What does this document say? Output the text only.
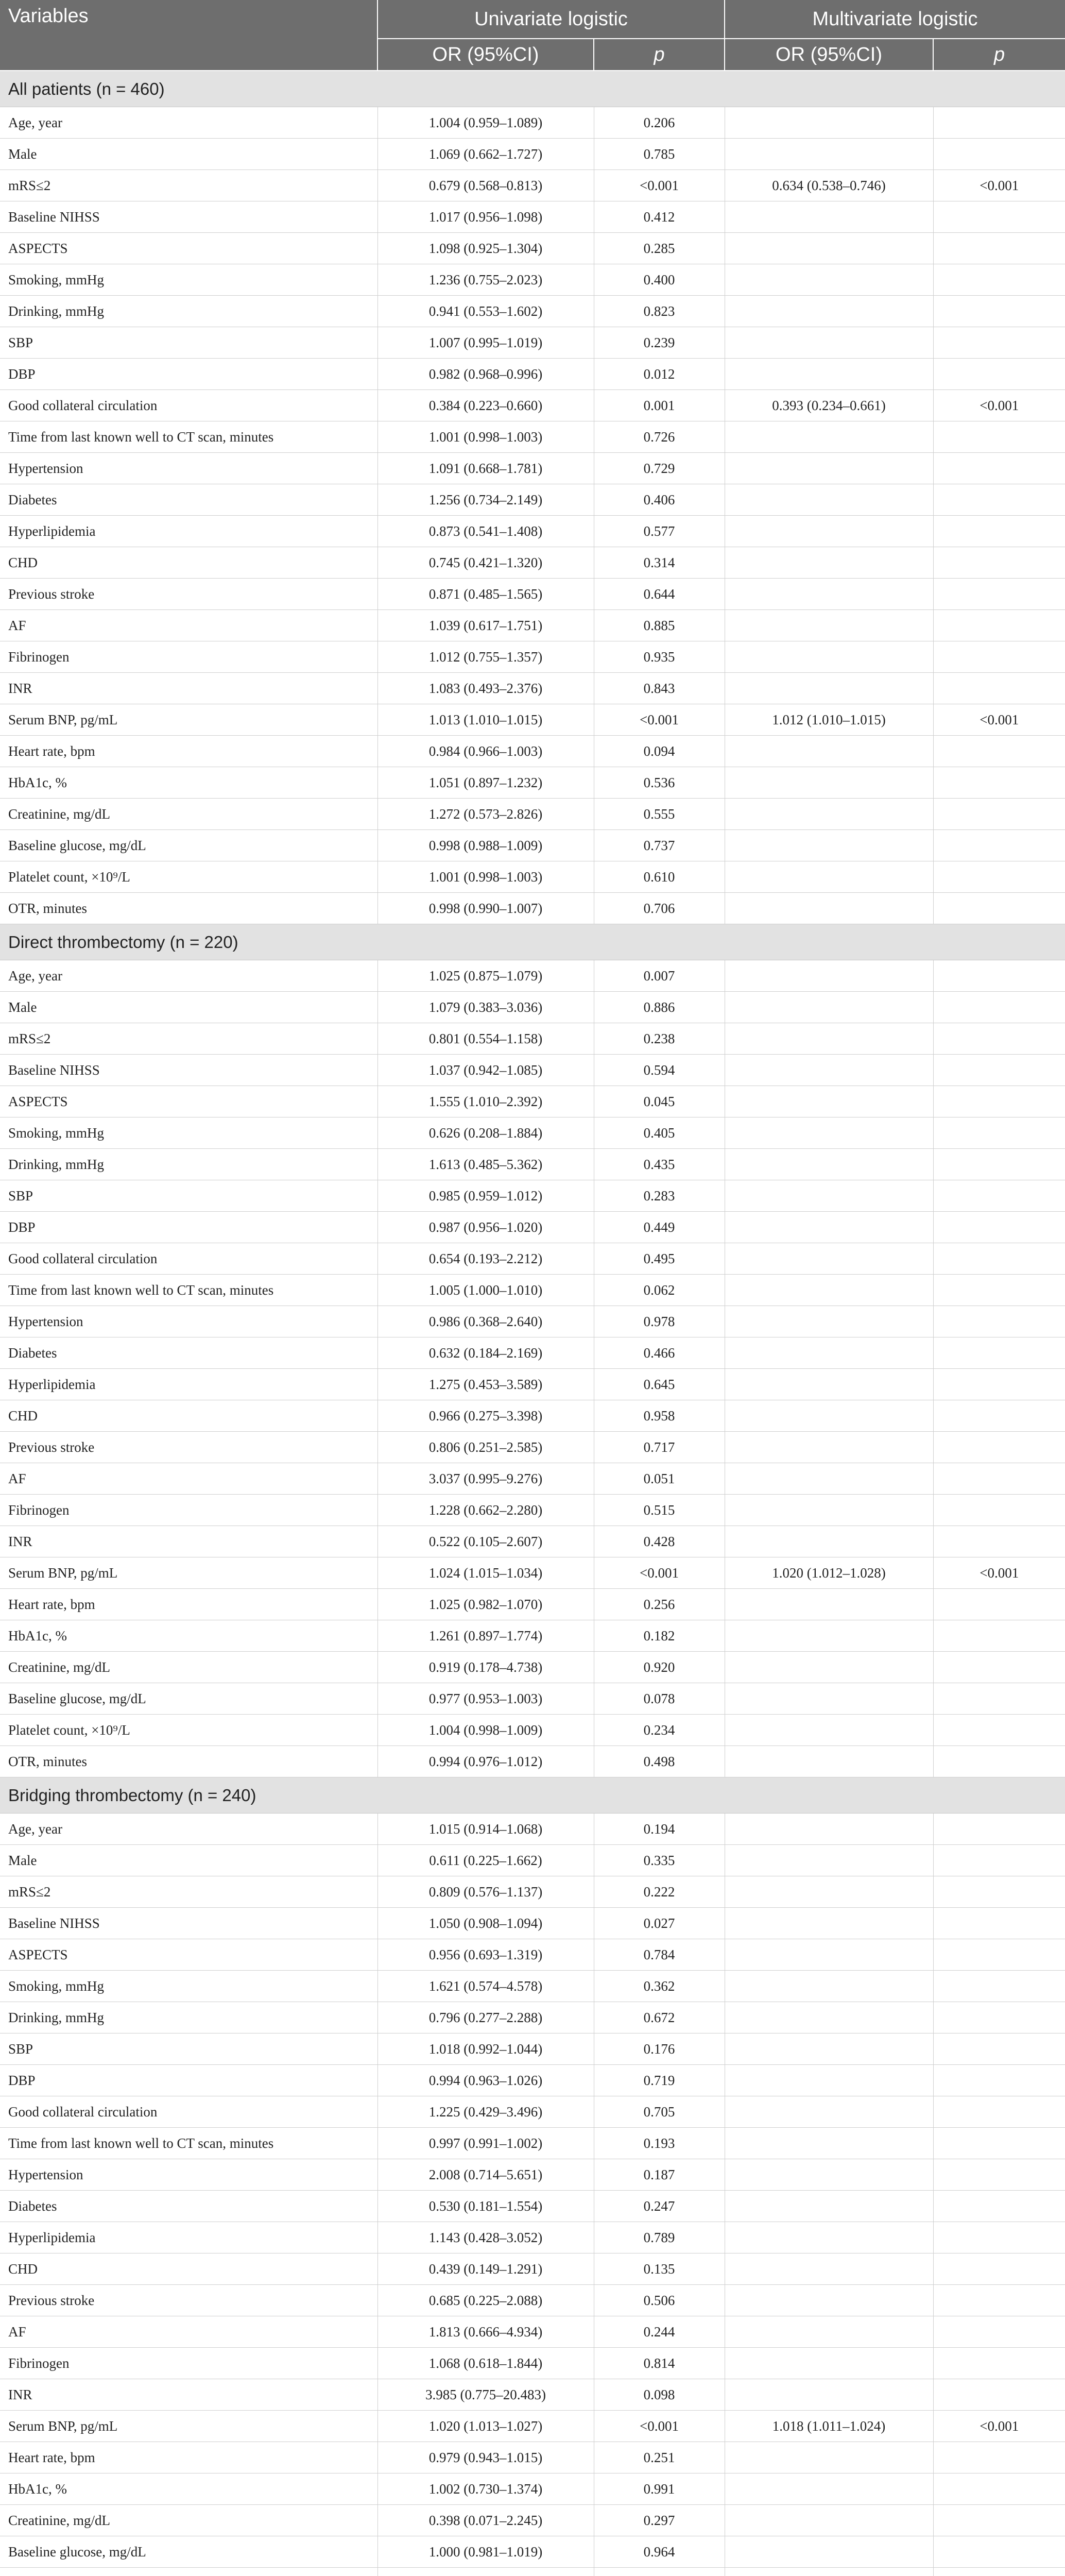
Variables	Univariate logistic		Multivariate logistic	
	OR (95%CI)	p	OR (95%CI)	p
All patients (n = 460)				
Age, year	1.004 (0.959–1.089)	0.206		
Male	1.069 (0.662–1.727)	0.785		
mRS≤2	0.679 (0.568–0.813)	<0.001	0.634 (0.538–0.746)	<0.001
Baseline NIHSS	1.017 (0.956–1.098)	0.412		
ASPECTS	1.098 (0.925–1.304)	0.285		
Smoking, mmHg	1.236 (0.755–2.023)	0.400		
Drinking, mmHg	0.941 (0.553–1.602)	0.823		
SBP	1.007 (0.995–1.019)	0.239		
DBP	0.982 (0.968–0.996)	0.012		
Good collateral circulation	0.384 (0.223–0.660)	0.001	0.393 (0.234–0.661)	<0.001
Time from last known well to CT scan, minutes	1.001 (0.998–1.003)	0.726		
Hypertension	1.091 (0.668–1.781)	0.729		
Diabetes	1.256 (0.734–2.149)	0.406		
Hyperlipidemia	0.873 (0.541–1.408)	0.577		
CHD	0.745 (0.421–1.320)	0.314		
Previous stroke	0.871 (0.485–1.565)	0.644		
AF	1.039 (0.617–1.751)	0.885		
Fibrinogen	1.012 (0.755–1.357)	0.935		
INR	1.083 (0.493–2.376)	0.843		
Serum BNP, pg/mL	1.013 (1.010–1.015)	<0.001	1.012 (1.010–1.015)	<0.001
Heart rate, bpm	0.984 (0.966–1.003)	0.094		
HbA1c, %	1.051 (0.897–1.232)	0.536		
Creatinine, mg/dL	1.272 (0.573–2.826)	0.555		
Baseline glucose, mg/dL	0.998 (0.988–1.009)	0.737		
Platelet count, ×10⁹/L	1.001 (0.998–1.003)	0.610		
OTR, minutes	0.998 (0.990–1.007)	0.706		
Direct thrombectomy (n = 220)				
Age, year	1.025 (0.875–1.079)	0.007		
Male	1.079 (0.383–3.036)	0.886		
mRS≤2	0.801 (0.554–1.158)	0.238		
Baseline NIHSS	1.037 (0.942–1.085)	0.594		
ASPECTS	1.555 (1.010–2.392)	0.045		
Smoking, mmHg	0.626 (0.208–1.884)	0.405		
Drinking, mmHg	1.613 (0.485–5.362)	0.435		
SBP	0.985 (0.959–1.012)	0.283		
DBP	0.987 (0.956–1.020)	0.449		
Good collateral circulation	0.654 (0.193–2.212)	0.495		
Time from last known well to CT scan, minutes	1.005 (1.000–1.010)	0.062		
Hypertension	0.986 (0.368–2.640)	0.978		
Diabetes	0.632 (0.184–2.169)	0.466		
Hyperlipidemia	1.275 (0.453–3.589)	0.645		
CHD	0.966 (0.275–3.398)	0.958		
Previous stroke	0.806 (0.251–2.585)	0.717		
AF	3.037 (0.995–9.276)	0.051		
Fibrinogen	1.228 (0.662–2.280)	0.515		
INR	0.522 (0.105–2.607)	0.428		
Serum BNP, pg/mL	1.024 (1.015–1.034)	<0.001	1.020 (1.012–1.028)	<0.001
Heart rate, bpm	1.025 (0.982–1.070)	0.256		
HbA1c, %	1.261 (0.897–1.774)	0.182		
Creatinine, mg/dL	0.919 (0.178–4.738)	0.920		
Baseline glucose, mg/dL	0.977 (0.953–1.003)	0.078		
Platelet count, ×10⁹/L	1.004 (0.998–1.009)	0.234		
OTR, minutes	0.994 (0.976–1.012)	0.498		
Bridging thrombectomy (n = 240)				
Age, year	1.015 (0.914–1.068)	0.194		
Male	0.611 (0.225–1.662)	0.335		
mRS≤2	0.809 (0.576–1.137)	0.222		
Baseline NIHSS	1.050 (0.908–1.094)	0.027		
ASPECTS	0.956 (0.693–1.319)	0.784		
Smoking, mmHg	1.621 (0.574–4.578)	0.362		
Drinking, mmHg	0.796 (0.277–2.288)	0.672		
SBP	1.018 (0.992–1.044)	0.176		
DBP	0.994 (0.963–1.026)	0.719		
Good collateral circulation	1.225 (0.429–3.496)	0.705		
Time from last known well to CT scan, minutes	0.997 (0.991–1.002)	0.193		
Hypertension	2.008 (0.714–5.651)	0.187		
Diabetes	0.530 (0.181–1.554)	0.247		
Hyperlipidemia	1.143 (0.428–3.052)	0.789		
CHD	0.439 (0.149–1.291)	0.135		
Previous stroke	0.685 (0.225–2.088)	0.506		
AF	1.813 (0.666–4.934)	0.244		
Fibrinogen	1.068 (0.618–1.844)	0.814		
INR	3.985 (0.775–20.483)	0.098		
Serum BNP, pg/mL	1.020 (1.013–1.027)	<0.001	1.018 (1.011–1.024)	<0.001
Heart rate, bpm	0.979 (0.943–1.015)	0.251		
HbA1c, %	1.002 (0.730–1.374)	0.991		
Creatinine, mg/dL	0.398 (0.071–2.245)	0.297		
Baseline glucose, mg/dL	1.000 (0.981–1.019)	0.964		
